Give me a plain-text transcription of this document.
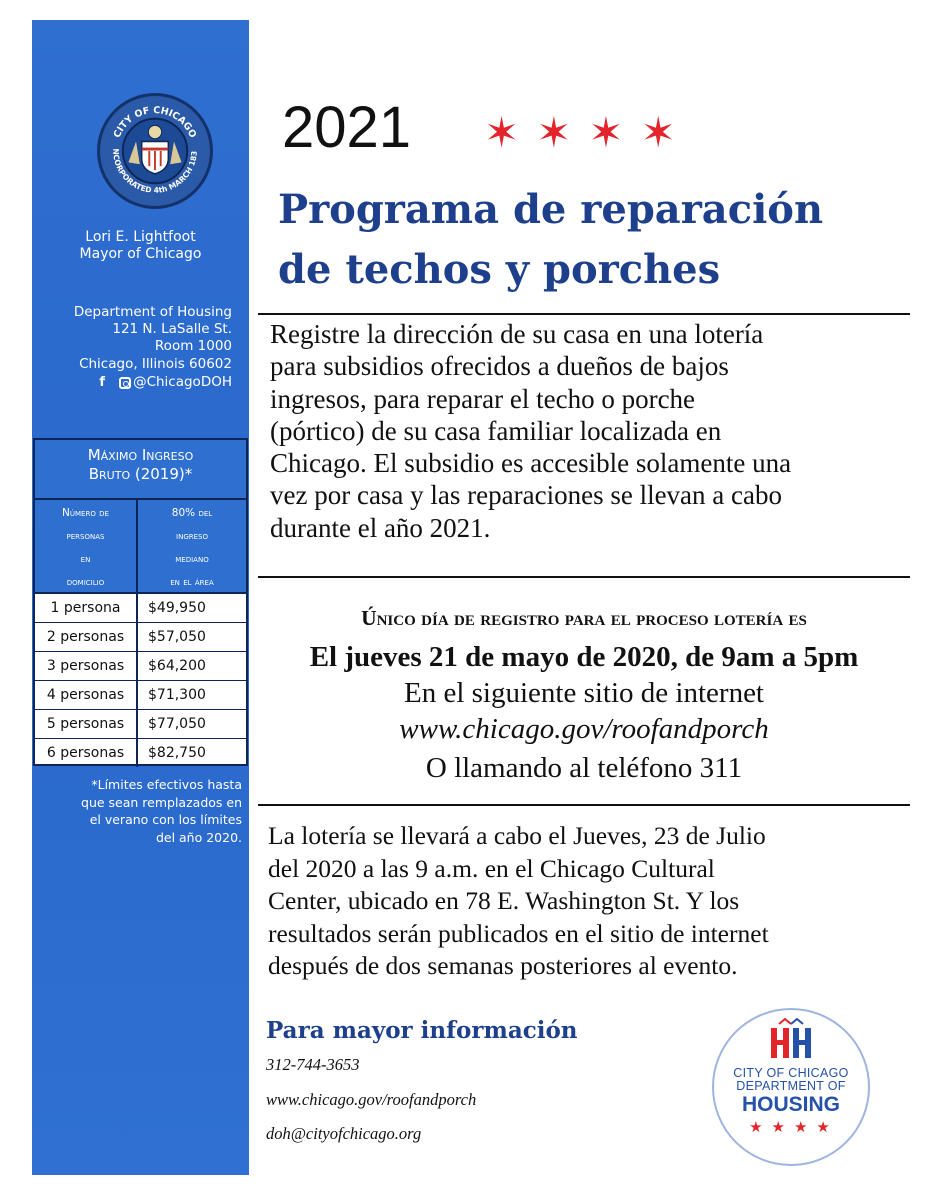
CITY OF CHICAGO
NCORPORATED 4th MARCH 183
Lori E. Lightfoot
Mayor of Chicago
Department of Housing
121 N. LaSalle St.
Room 1000
Chicago, Illinois 60602
f	@ChicagoDOH
Máximo Ingreso
Bruto (2019)*
Número de
personas
en
domicilio
80% del
ingreso
mediano
en el área
1 persona	$49,950
2 personas	$57,050
3 personas	$64,200
4 personas	$71,300
5 personas	$77,050
6 personas	$82,750
*Límites efectivos hasta
que sean remplazados en
el verano con los límites
del año 2020.
2021 ✶✶✶✶
Programa de reparación
de techos y porches
Registre la dirección de su casa en una lotería
para subsidios ofrecidos a dueños de bajos
ingresos, para reparar el techo o porche
(pórtico) de su casa familiar localizada en
Chicago. El subsidio es accesible solamente una
vez por casa y las reparaciones se llevan a cabo
durante el año 2021.
Único día de registro para el proceso lotería es
El jueves 21 de mayo de 2020, de 9am a 5pm
En el siguiente sitio de internet
www.chicago.gov/roofandporch
O llamando al teléfono 311
La lotería se llevará a cabo el Jueves, 23 de Julio
del 2020 a las 9 a.m. en el Chicago Cultural
Center, ubicado en 78 E. Washington St. Y los
resultados serán publicados en el sitio de internet
después de dos semanas posteriores al evento.
Para mayor información
312-744-3653
www.chicago.gov/roofandporch
doh@cityofchicago.org
CITY OF CHICAGO
DEPARTMENT OF
HOUSING
★★★★
